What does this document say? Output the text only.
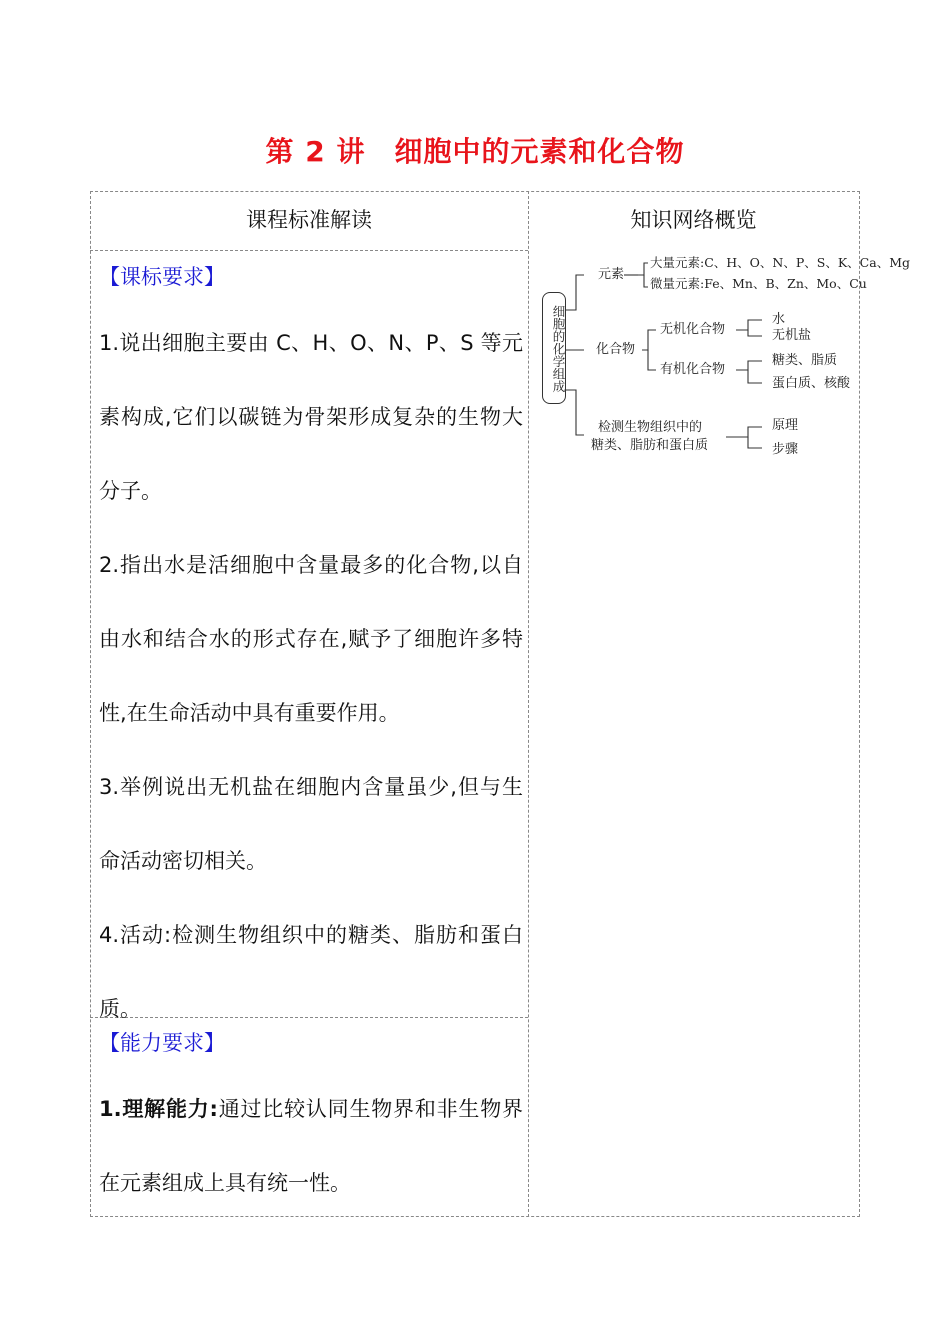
第 2 讲　细胞中的元素和化合物
课程标准解读	知识网络概览
【课标要求】
1.说出细胞主要由 C、H、O、N、P、S 等元素构成,它们以碳链为骨架形成复杂的生物大分子。
2.指出水是活细胞中含量最多的化合物,以自由水和结合水的形式存在,赋予了细胞许多特性,在生命活动中具有重要作用。
3.举例说出无机盐在细胞内含量虽少,但与生命活动密切相关。
4.活动:检测生物组织中的糖类、脂肪和蛋白质。
【能力要求】
1.理解能力:通过比较认同生物界和非生物界在元素组成上具有统一性。
细胞的化学组成
元素
大量元素:C、H、O、N、P、S、K、Ca、Mg
微量元素:Fe、Mn、B、Zn、Mo、Cu
化合物
无机化合物
水
无机盐
有机化合物
糖类、脂质
蛋白质、核酸
检测生物组织中的
糖类、脂肪和蛋白质
原理
步骤
